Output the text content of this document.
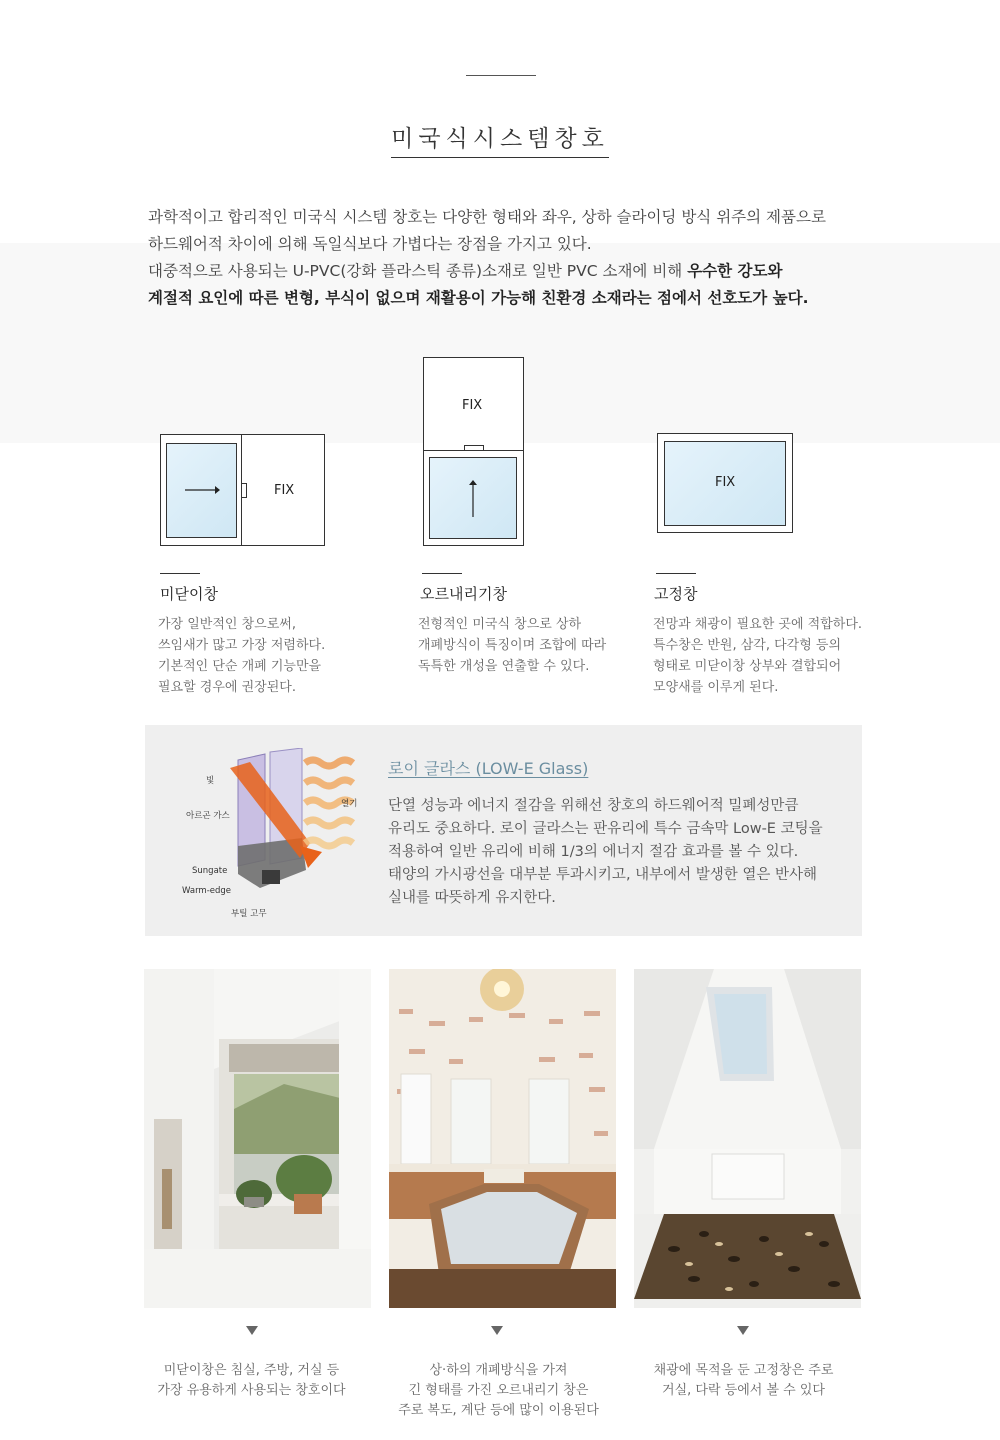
미국식시스템창호

과학적이고 합리적인 미국식 시스템 창호는 다양한 형태와 좌우, 상하 슬라이딩 방식 위주의 제품으로

하드웨어적 차이에 의해 독일식보다 가볍다는 장점을 가지고 있다.

대중적으로 사용되는 U-PVC(강화 플라스틱 종류)소재로 일반 PVC 소재에 비해 우수한 강도와

계절적 요인에 따른 변형, 부식이 없으며 재활용이 가능해 친환경 소재라는 점에서 선호도가 높다.

FIX
FIX
FIX
미닫이창
가장 일반적인 창으로써,
쓰임새가 많고 가장 저렴하다.
기본적인 단순 개폐 기능만을
필요할 경우에 권장된다.
오르내리기창
전형적인 미국식 창으로 상하
개폐방식이 특징이며 조합에 따라
독특한 개성을 연출할 수 있다.
고정창
전망과 채광이 필요한 곳에 적합하다.
특수창은 반원, 삼각, 다각형 등의
형태로 미닫이창 상부와 결합되어
모양새를 이루게 된다.
빛
아르곤 가스
열기
Sungate
Warm-edge
부틸 고무
로이 글라스 (LOW-E Glass)
단열 성능과 에너지 절감을 위해선 창호의 하드웨어적 밀폐성만큼
유리도 중요하다. 로이 글라스는 판유리에 특수 금속막 Low-E 코팅을
적용하여 일반 유리에 비해 1/3의 에너지 절감 효과를 볼 수 있다.
태양의 가시광선을 대부분 투과시키고, 내부에서 발생한 열은 반사해
실내를 따뜻하게 유지한다.
미닫이창은 침실, 주방, 거실 등
가장 유용하게 사용되는 창호이다
상·하의 개폐방식을 가져
긴 형태를 가진 오르내리기 창은
주로 복도, 계단 등에 많이 이용된다
채광에 목적을 둔 고정창은 주로
거실, 다락 등에서 볼 수 있다
